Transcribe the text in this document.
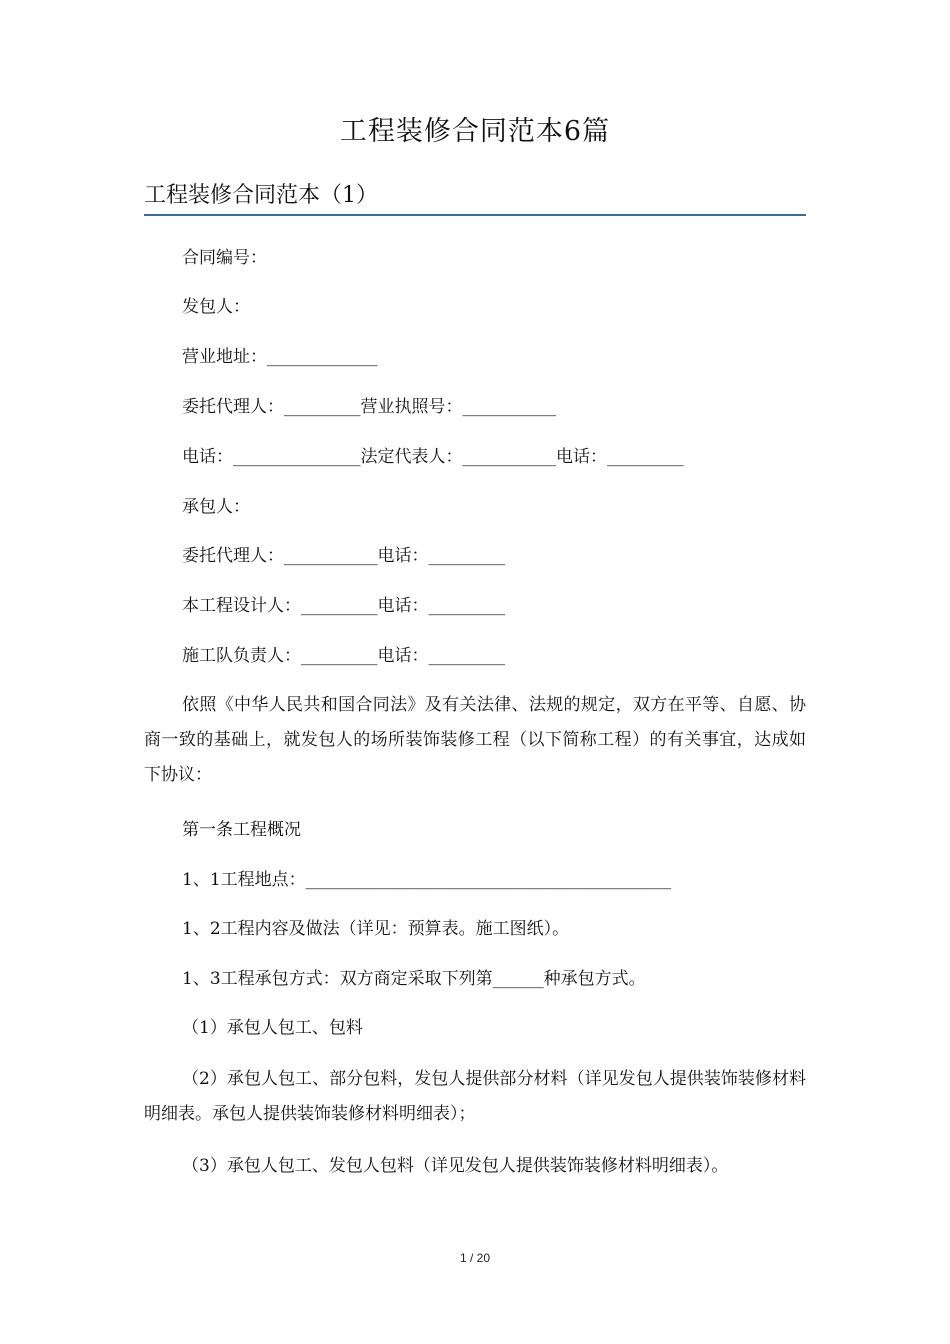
工程装修合同范本6篇
工程装修合同范本（1）
合同编号：
发包人：
营业地址：_____________
委托代理人：_________营业执照号：___________
电话：_______________法定代表人：___________电话：_________
承包人：
委托代理人：___________电话：_________
本工程设计人：_________电话：_________
施工队负责人：_________电话：_________
依照《中华人民共和国合同法》及有关法律、法规的规定，双方在平等、自愿、协商一致的基础上，就发包人的场所装饰装修工程（以下简称工程）的有关事宜，达成如下协议：
第一条工程概况
1、1工程地点：___________________________________________
1、2工程内容及做法（详见：预算表。施工图纸）。
1、3工程承包方式：双方商定采取下列第______种承包方式。
（1）承包人包工、包料
（2）承包人包工、部分包料，发包人提供部分材料（详见发包人提供装饰装修材料明细表。承包人提供装饰装修材料明细表）；
（3）承包人包工、发包人包料（详见发包人提供装饰装修材料明细表）。
1 / 20
